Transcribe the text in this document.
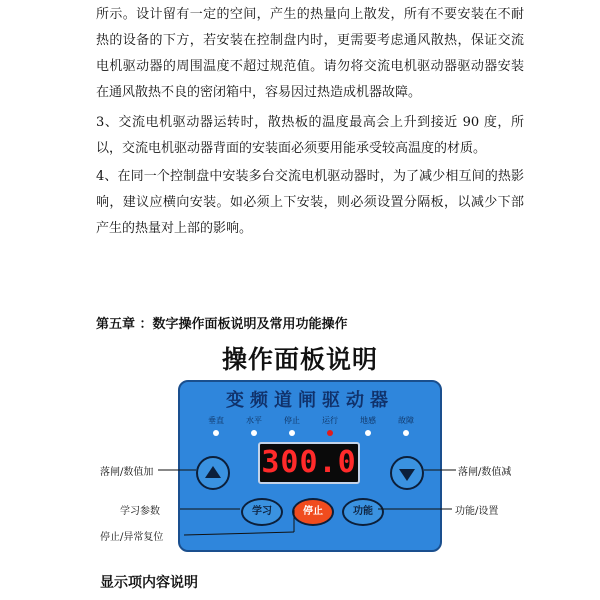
所示。设计留有一定的空间，产生的热量向上散发，所有不要安装在不耐热的设备的下方，若安装在控制盘内时，更需要考虑通风散热，保证交流电机驱动器的周围温度不超过规范值。请勿将交流电机驱动器驱动器安装在通风散热不良的密闭箱中，容易因过热造成机器故障。

3、交流电机驱动器运转时，散热板的温度最高会上升到接近 90 度，所以，交流电机驱动器背面的安装面必须要用能承受较高温度的材质。

4、在同一个控制盘中安装多台交流电机驱动器时，为了减少相互间的热影响，建议应横向安装。如必须上下安装，则必须设置分隔板，以减少下部产生的热量对上部的影响。

第五章 ：数字操作面板说明及常用功能操作
操作面板说明
变频道闸驱动器
垂直	水平	停止	运行	地感	故障
300.0
学习	停止	功能
落闸/数值加	落闸/数值减
学习参数	功能/设置
停止/异常复位
显示项内容说明
